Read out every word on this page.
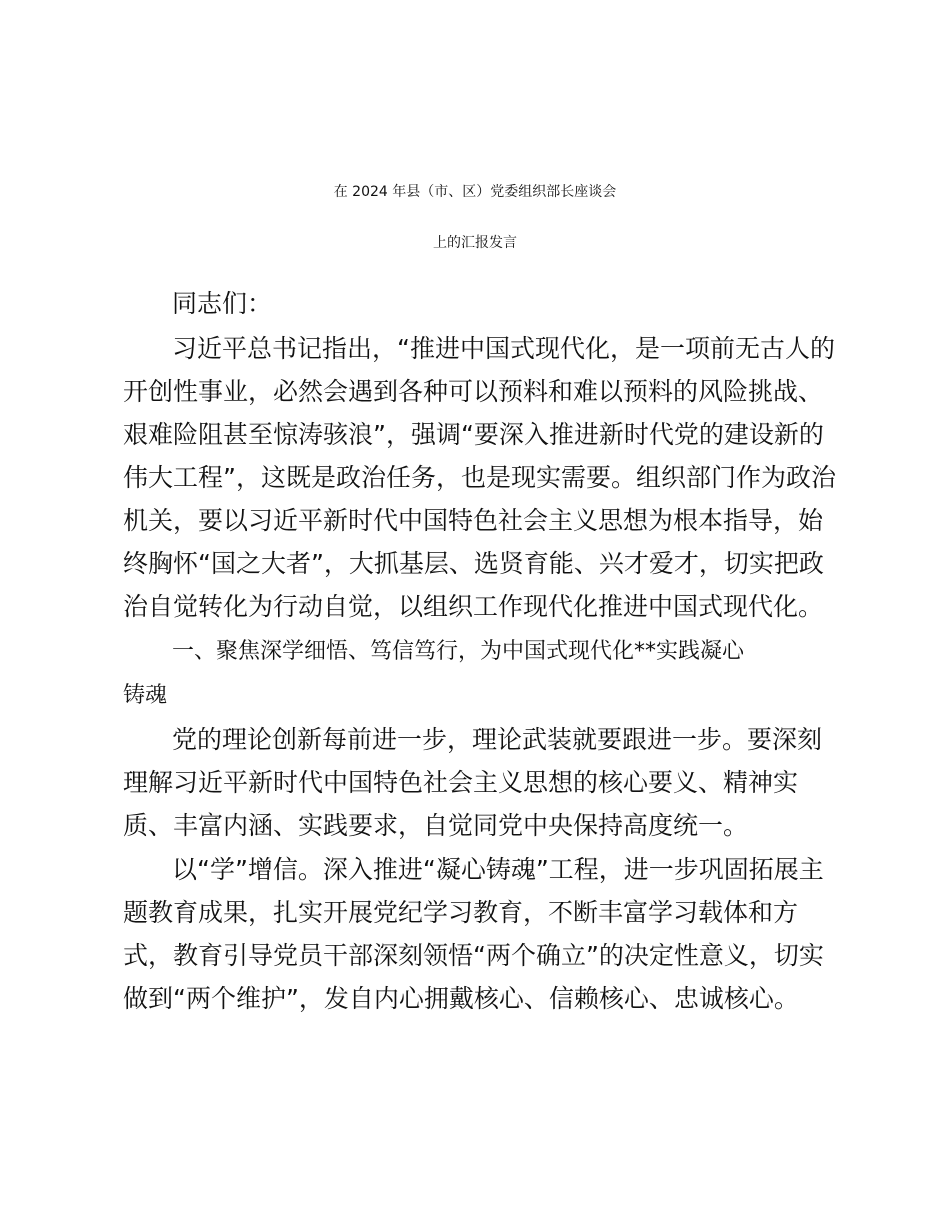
在 2024 年县（市、区）党委组织部长座谈会
上的汇报发言
同志们：
习近平总书记指出，“推进中国式现代化，是一项前无古人的
开创性事业，必然会遇到各种可以预料和难以预料的风险挑战、
艰难险阻甚至惊涛骇浪”，强调“要深入推进新时代党的建设新的
伟大工程”，这既是政治任务，也是现实需要。组织部门作为政治
机关，要以习近平新时代中国特色社会主义思想为根本指导，始
终胸怀“国之大者”，大抓基层、选贤育能、兴才爱才，切实把政
治自觉转化为行动自觉，以组织工作现代化推进中国式现代化。
一、聚焦深学细悟、笃信笃行，为中国式现代化**实践凝心
铸魂
党的理论创新每前进一步，理论武装就要跟进一步。要深刻
理解习近平新时代中国特色社会主义思想的核心要义、精神实
质、丰富内涵、实践要求，自觉同党中央保持高度统一。
以“学”增信。深入推进“凝心铸魂”工程，进一步巩固拓展主
题教育成果，扎实开展党纪学习教育，不断丰富学习载体和方
式，教育引导党员干部深刻领悟“两个确立”的决定性意义，切实
做到“两个维护”，发自内心拥戴核心、信赖核心、忠诚核心。
